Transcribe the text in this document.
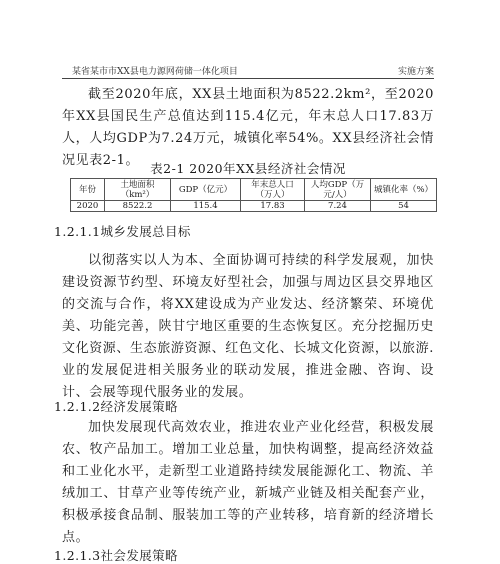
某省某市市XX县电力源网荷储一体化项目	实施方案

截至2020年底，XX县土地面积为8522.2km²，至2020年XX县国民生产总值达到115.4亿元，年末总人口17.83万人，人均GDP为7.24万元，城镇化率54%。XX县经济社会情况见表2-1。

表2-1 2020年XX县经济社会情况
年份	土地面积（km²）	GDP（亿元）	年末总人口（万人）	人均GDP（万元/人）	城镇化率（%）
2020	8522.2	115.4	17.83	7.24	54
1.2.1.1城乡发展总目标

以彻落实以人为本、全面协调可持续的科学发展观，加快建设资源节约型、环境友好型社会，加强与周边区县交界地区的交流与合作，将XX建设成为产业发达、经济繁荣、环境优美、功能完善，陕甘宁地区重要的生态恢复区。充分挖掘历史文化资源、生态旅游资源、红色文化、长城文化资源，以旅游.业的发展促进相关服务业的联动发展，推进金融、咨询、设计、会展等现代服务业的发展。

1.2.1.2经济发展策略

加快发展现代高效农业，推进农业产业化经营，积极发展农、牧产品加工。增加工业总量，加快构调整，提高经济效益和工业化水平，走新型工业道路持续发展能源化工、物流、羊绒加工、甘草产业等传统产业，新城产业链及相关配套产业，积极承接食品制、服装加工等的产业转移，培育新的经济增长点。

1.2.1.3社会发展策略
